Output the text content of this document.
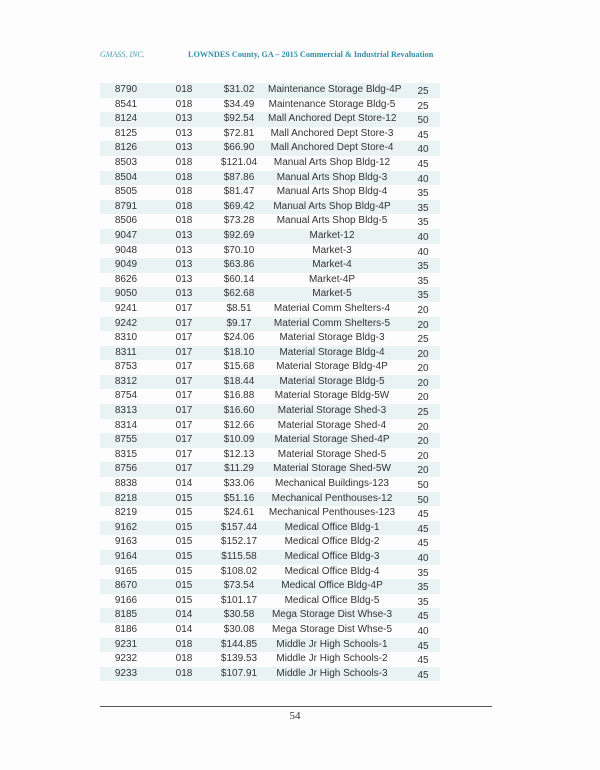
GMASS, INC.	LOWNDES County, GA – 2015 Commercial & Industrial Revaluation
8790	018	$31.02	Maintenance Storage Bldg-4P	25
8541	018	$34.49	Maintenance Storage Bldg-5	25
8124	013	$92.54	Mall Anchored Dept Store-12	50
8125	013	$72.81	Mall Anchored Dept Store-3	45
8126	013	$66.90	Mall Anchored Dept Store-4	40
8503	018	$121.04	Manual Arts Shop Bldg-12	45
8504	018	$87.86	Manual Arts Shop Bldg-3	40
8505	018	$81.47	Manual Arts Shop Bldg-4	35
8791	018	$69.42	Manual Arts Shop Bldg-4P	35
8506	018	$73.28	Manual Arts Shop Bldg-5	35
9047	013	$92.69	Market-12	40
9048	013	$70.10	Market-3	40
9049	013	$63.86	Market-4	35
8626	013	$60.14	Market-4P	35
9050	013	$62.68	Market-5	35
9241	017	$8.51	Material Comm Shelters-4	20
9242	017	$9.17	Material Comm Shelters-5	20
8310	017	$24.06	Material Storage Bldg-3	25
8311	017	$18.10	Material Storage Bldg-4	20
8753	017	$15.68	Material Storage Bldg-4P	20
8312	017	$18.44	Material Storage Bldg-5	20
8754	017	$16.88	Material Storage Bldg-5W	20
8313	017	$16.60	Material Storage Shed-3	25
8314	017	$12.66	Material Storage Shed-4	20
8755	017	$10.09	Material Storage Shed-4P	20
8315	017	$12.13	Material Storage Shed-5	20
8756	017	$11.29	Material Storage Shed-5W	20
8838	014	$33.06	Mechanical Buildings-123	50
8218	015	$51.16	Mechanical Penthouses-12	50
8219	015	$24.61	Mechanical Penthouses-123	45
9162	015	$157.44	Medical Office Bldg-1	45
9163	015	$152.17	Medical Office Bldg-2	45
9164	015	$115.58	Medical Office Bldg-3	40
9165	015	$108.02	Medical Office Bldg-4	35
8670	015	$73.54	Medical Office Bldg-4P	35
9166	015	$101.17	Medical Office Bldg-5	35
8185	014	$30.58	Mega Storage Dist Whse-3	45
8186	014	$30.08	Mega Storage Dist Whse-5	40
9231	018	$144.85	Middle Jr High Schools-1	45
9232	018	$139.53	Middle Jr High Schools-2	45
9233	018	$107.91	Middle Jr High Schools-3	45
54
